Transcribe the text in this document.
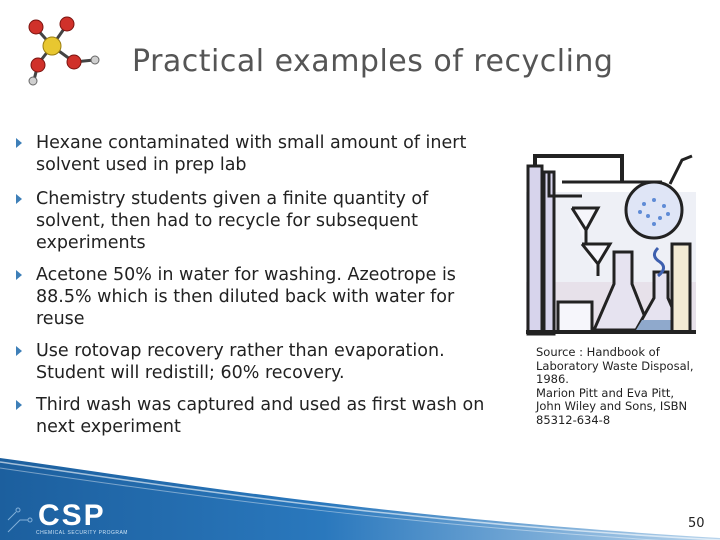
Practical examples of recycling
Hexane contaminated with small amount of inert
solvent used in prep lab
Chemistry students given a finite quantity of
solvent, then had to recycle for subsequent
experiments
Acetone 50% in water for washing. Azeotrope is
88.5% which is then diluted back with water for
reuse
Use rotovap recovery rather than evaporation.
Student will redistill; 60% recovery.
Third wash was captured and used as first wash on
next experiment
Source : Handbook of
Laboratory Waste Disposal,
1986.
Marion Pitt and Eva Pitt,
John Wiley and Sons, ISBN
85312-634-8
CSP
CHEMICAL SECURITY PROGRAM
50
